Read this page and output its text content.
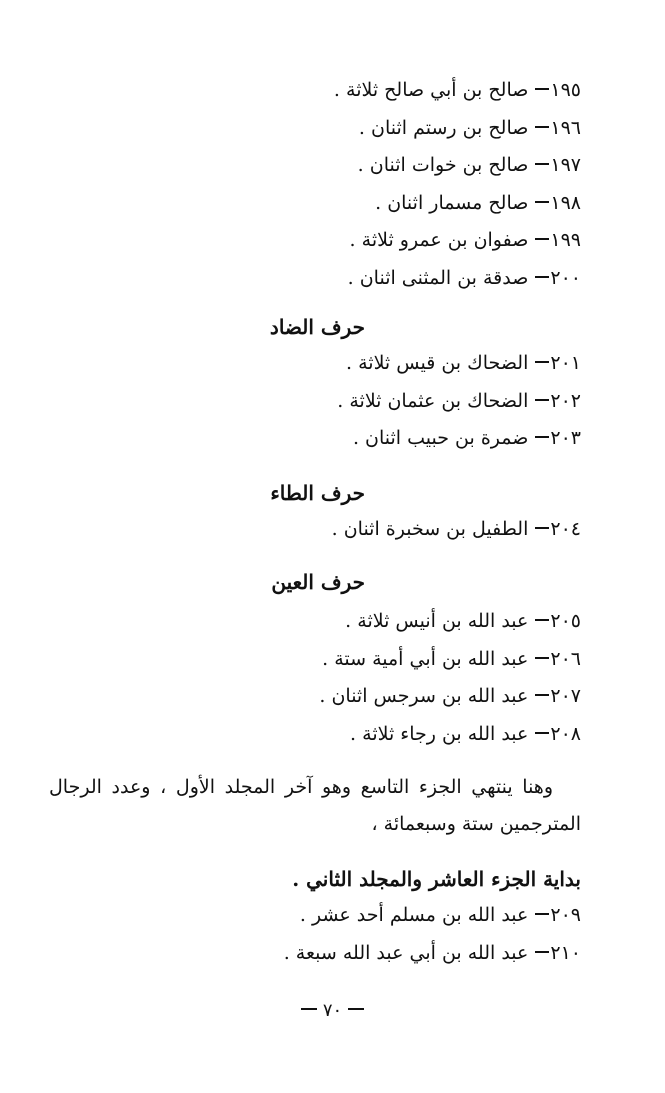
١٩٥صالح بن أبي صالح ثلاثة .
١٩٦صالح بن رستم اثنان .
١٩٧صالح بن خوات اثنان .
١٩٨صالح مسمار اثنان .
١٩٩صفوان بن عمرو ثلاثة .
٢٠٠صدقة بن المثنى اثنان .
حرف الضاد
٢٠١الضحاك بن قيس ثلاثة .
٢٠٢الضحاك بن عثمان ثلاثة .
٢٠٣ضمرة بن حبيب اثنان .
حرف الطاء
٢٠٤الطفيل بن سخبرة اثنان .
حرف العين
٢٠٥عبد الله بن أنيس ثلاثة .
٢٠٦عبد الله بن أبي أمية ستة .
٢٠٧عبد الله بن سرجس اثنان .
٢٠٨عبد الله بن رجاء ثلاثة .
وهنا ينتهي الجزء التاسع وهو آخر المجلد الأول ، وعدد الرجال المترجمين ستة وسبعمائة ،
بداية الجزء العاشر والمجلد الثاني .
٢٠٩عبد الله بن مسلم أحد عشر .
٢١٠عبد الله بن أبي عبد الله سبعة .
٧٠
